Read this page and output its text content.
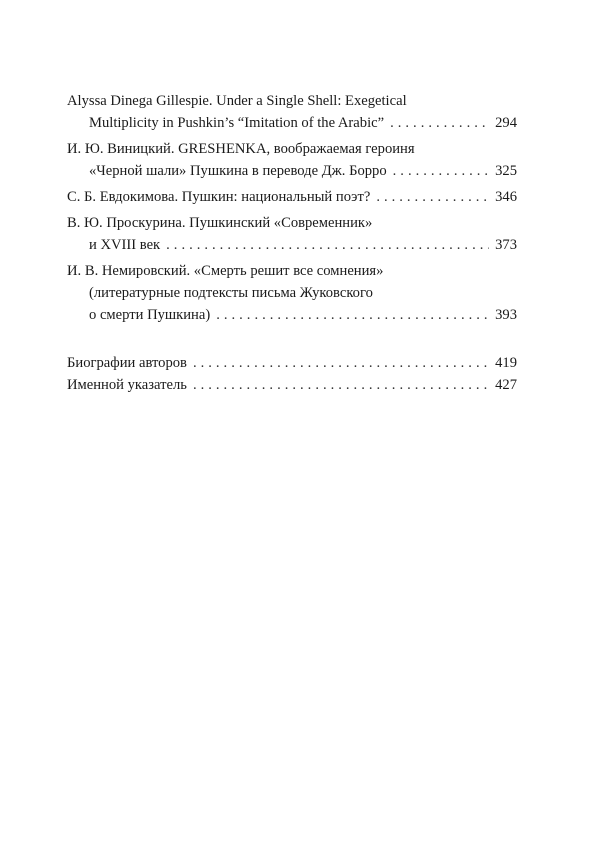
Alyssa Dinega Gillespie. Under a Single Shell: Exegetical
Multiplicity in Pushkin’s “Imitation of the Arabic” .....	294
И. Ю. Виницкий. GRESHENKA, воображаемая героиня
«Черной шали» Пушкина в переводе Дж. Борро .....	325
С. Б. Евдокимова. Пушкин: национальный поэт? .....	346
В. Ю. Проскурина. Пушкинский «Современник»
и XVIII век .....	373
И. В. Немировский. «Смерть решит все сомнения»
(литературные подтексты письма Жуковского
о смерти Пушкина) .....	393
Биографии авторов .....	419
Именной указатель .....	427
